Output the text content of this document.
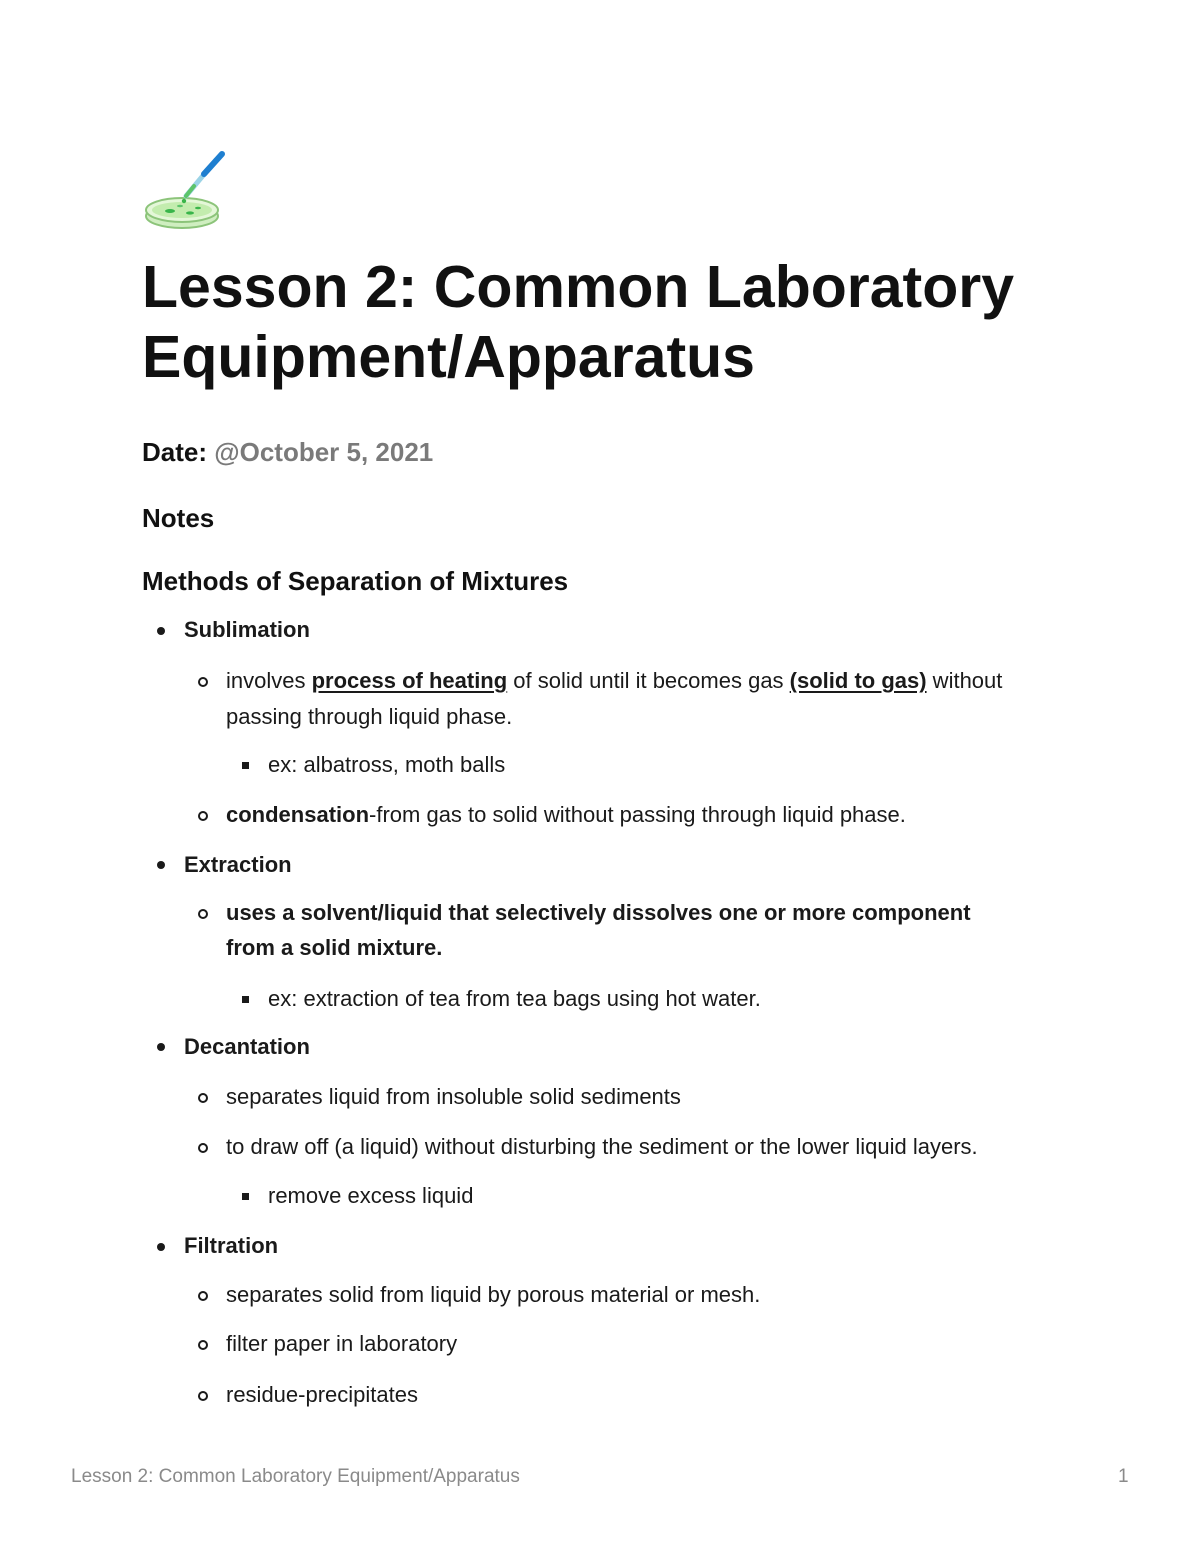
Lesson 2: Common Laboratory
Equipment/Apparatus
Date: @October 5, 2021
Notes
Methods of Separation of Mixtures
Sublimation
involves process of heating of solid until it becomes gas (solid to gas) without
passing through liquid phase.
ex: albatross, moth balls
condensation-from gas to solid without passing through liquid phase.
Extraction
uses a solvent/liquid that selectively dissolves one or more component
from a solid mixture.
ex: extraction of tea from tea bags using hot water.
Decantation
separates liquid from insoluble solid sediments
to draw off (a liquid) without disturbing the sediment or the lower liquid layers.
remove excess liquid
Filtration
separates solid from liquid by porous material or mesh.
filter paper in laboratory
residue-precipitates
Lesson 2: Common Laboratory Equipment/Apparatus	1
